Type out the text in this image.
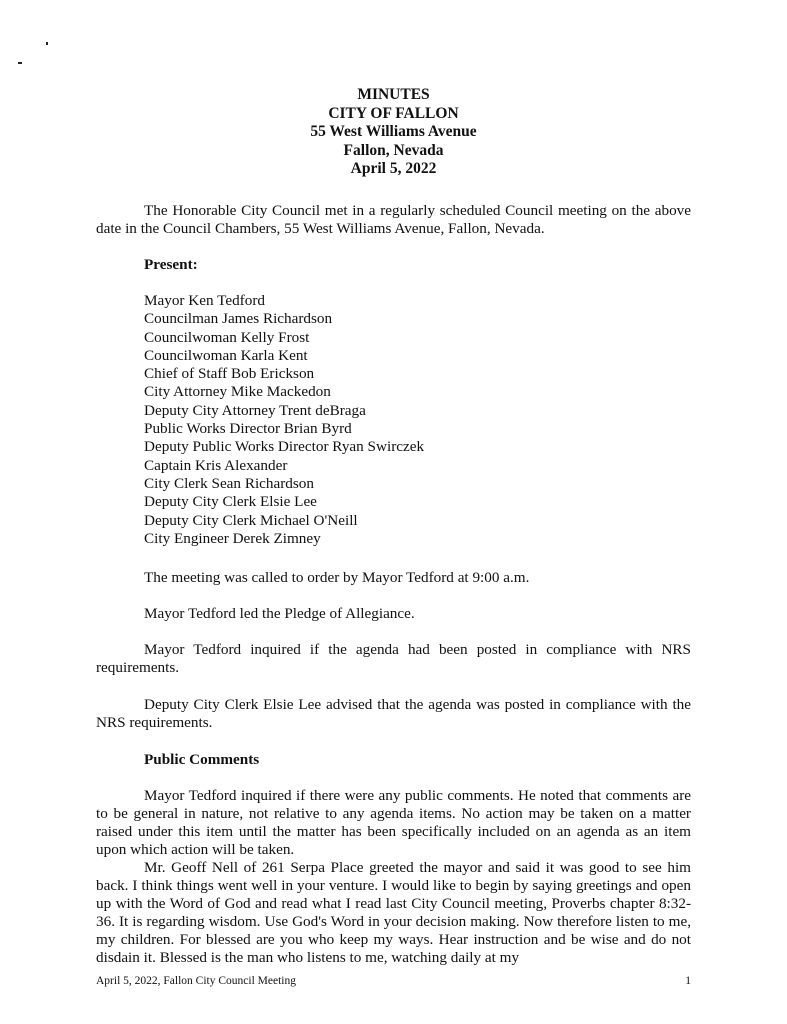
MINUTES
CITY OF FALLON
55 West Williams Avenue
Fallon, Nevada
April 5, 2022

The Honorable City Council met in a regularly scheduled Council meeting on the above date in the Council Chambers, 55 West Williams Avenue, Fallon, Nevada.

Present:
Mayor Ken Tedford
Councilman James Richardson
Councilwoman Kelly Frost
Councilwoman Karla Kent
Chief of Staff Bob Erickson
City Attorney Mike Mackedon
Deputy City Attorney Trent deBraga
Public Works Director Brian Byrd
Deputy Public Works Director Ryan Swirczek
Captain Kris Alexander
City Clerk Sean Richardson
Deputy City Clerk Elsie Lee
Deputy City Clerk Michael O'Neill
City Engineer Derek Zimney
The meeting was called to order by Mayor Tedford at 9:00 a.m.
Mayor Tedford led the Pledge of Allegiance.

Mayor Tedford inquired if the agenda had been posted in compliance with NRS requirements.

Deputy City Clerk Elsie Lee advised that the agenda was posted in compliance with the NRS requirements.

Public Comments

Mayor Tedford inquired if there were any public comments. He noted that comments are to be general in nature, not relative to any agenda items. No action may be taken on a matter raised under this item until the matter has been specifically included on an agenda as an item upon which action will be taken.

Mr. Geoff Nell of 261 Serpa Place greeted the mayor and said it was good to see him back. I think things went well in your venture. I would like to begin by saying greetings and open up with the Word of God and read what I read last City Council meeting, Proverbs chapter 8:32-36. It is regarding wisdom. Use God's Word in your decision making. Now therefore listen to me, my children. For blessed are you who keep my ways. Hear instruction and be wise and do not disdain it. Blessed is the man who listens to me, watching daily at my

April 5, 2022, Fallon City Council Meeting	1
